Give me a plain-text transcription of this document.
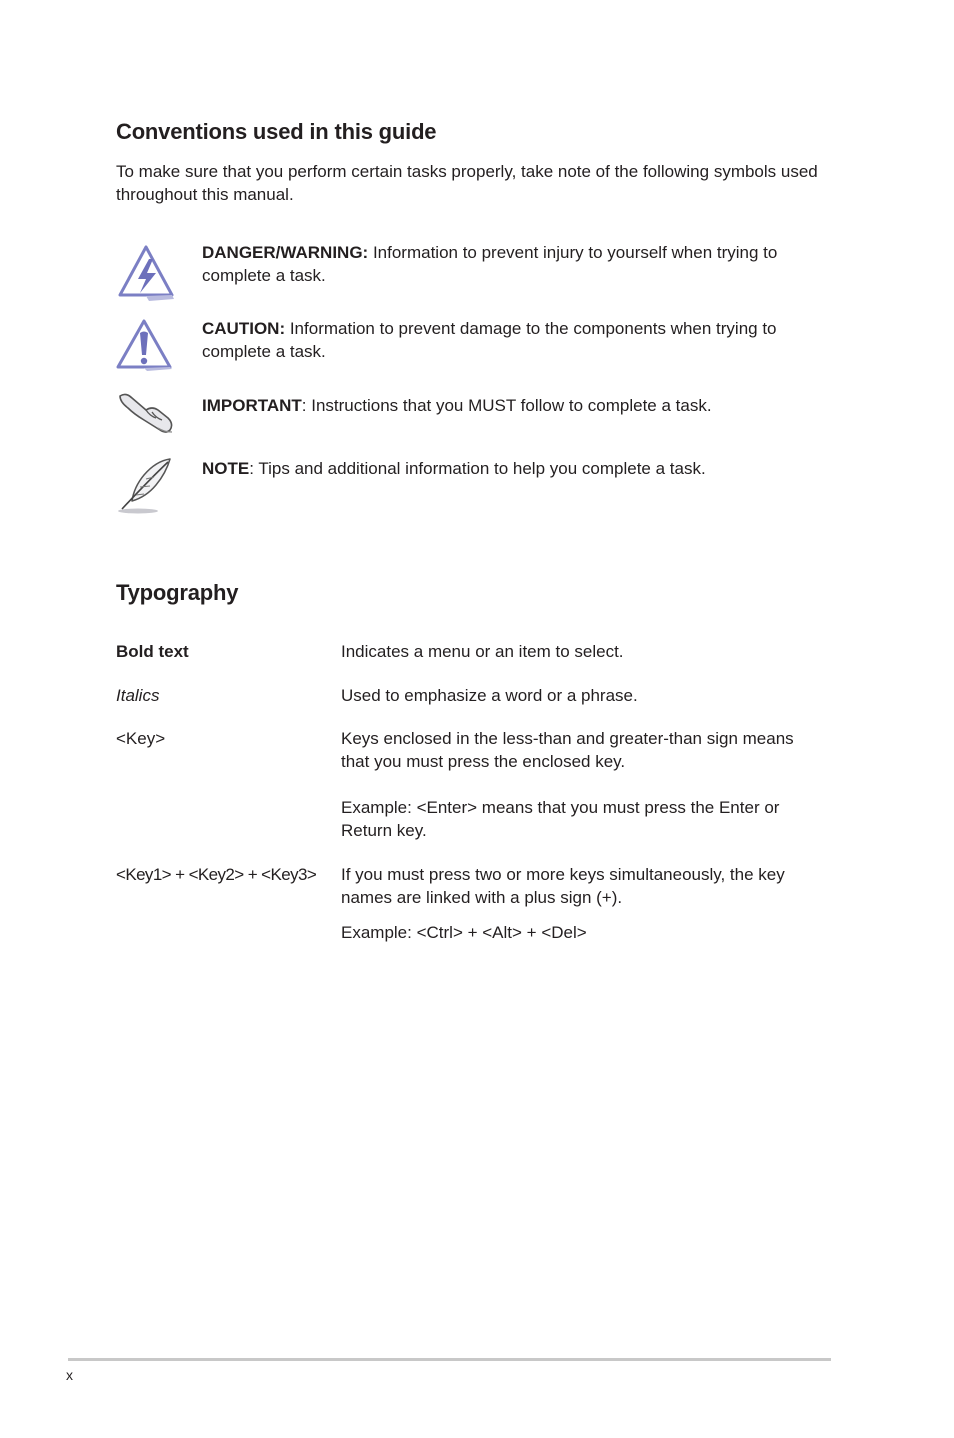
Conventions used in this guide

To make sure that you perform certain tasks properly, take note of the following symbols used throughout this manual.

DANGER/WARNING: Information to prevent injury to yourself when trying to complete a task.
CAUTION: Information to prevent damage to the components when trying to complete a task.
IMPORTANT: Instructions that you MUST follow to complete a task.
NOTE: Tips and additional information to help you complete a task.
Typography
Bold text	Indicates a menu or an item to select.
Italics	Used to emphasize a word or a phrase.
<Key>	Keys enclosed in the less-than and greater-than sign means that you must press the enclosed key.
Example: <Enter> means that you must press the Enter or Return key.
<Key1> + <Key2> + <Key3>	If you must press two or more keys simultaneously, the key names are linked with a plus sign (+).
Example: <Ctrl> + <Alt> + <Del>
x
